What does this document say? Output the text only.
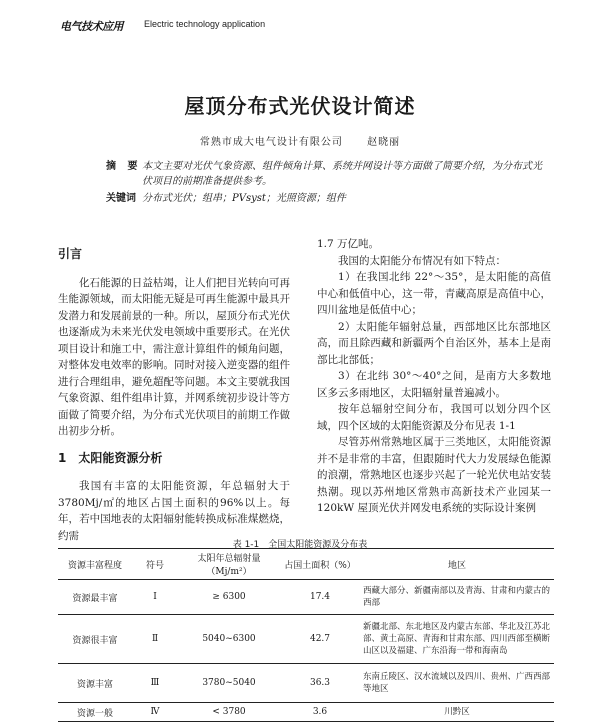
电气技术应用 Electric technology application
屋顶分布式光伏设计简述
常熟市成大电气设计有限公司 赵晓丽
摘 要 本文主要对光伏气象资源、组件倾角计算、系统并网设计等方面做了简要介绍，为分布式光伏项目的前期准备提供参考。
关键词 分布式光伏；组串；PVsyst；光照资源；组件
引言

化石能源的日益枯竭，让人们把目光转向可再生能源领域，而太阳能无疑是可再生能源中最具开发潜力和发展前景的一种。所以，屋顶分布式光伏也逐渐成为未来光伏发电领域中重要形式。在光伏项目设计和施工中，需注意计算组件的倾角问题，对整体发电效率的影响。同时对接入逆变器的组件进行合理组串，避免超配等问题。本文主要就我国气象资源、组件组串计算，并网系统初步设计等方面做了简要介绍，为分布式光伏项目的前期工作做出初步分析。

1　太阳能资源分析

我国有丰富的太阳能资源，年总辐射大于3780Mj/㎡的地区占国土面积的96%以上。每年，若中国地表的太阳辐射能转换成标准煤燃烧，约需

1.7 万亿吨。

我国的太阳能分布情况有如下特点：

1）在我国北纬 22°～35°，是太阳能的高值中心和低值中心，这一带，青藏高原是高值中心，四川盆地是低值中心；

2）太阳能年辐射总量，西部地区比东部地区高，而且除西藏和新疆两个自治区外，基本上是南部比北部低；

3）在北纬 30°～40°之间，是南方大多数地区多云多雨地区，太阳辐射量普遍减小。

按年总辐射空间分布，我国可以划分四个区域，四个区域的太阳能资源及分布见表 1-1

尽管苏州常熟地区属于三类地区，太阳能资源并不是非常的丰富，但跟随时代大力发展绿色能源的浪潮，常熟地区也逐步兴起了一轮光伏电站安装热潮。现以苏州地区常熟市高新技术产业园某一 120kW 屋顶光伏并网发电系统的实际设计案例

表 1-1　全国太阳能资源及分布表
资源丰富程度	符号	太阳年总辐射量（Mj/m²）	占国土面积（%）	地区
资源最丰富	Ⅰ	≥ 6300	17.4	西藏大部分、新疆南部以及青海、甘肃和内蒙古的西部
资源很丰富	Ⅱ	5040~6300	42.7	新疆北部、东北地区及内蒙古东部、华北及江苏北部、黄土高原、青海和甘肃东部、四川西部至横断山区以及福建、广东沿海一带和海南岛
资源丰富	Ⅲ	3780~5040	36.3	东南丘陵区、汉水流域以及四川、贵州、广西西部等地区
资源一般	Ⅳ	< 3780	3.6	川黔区
